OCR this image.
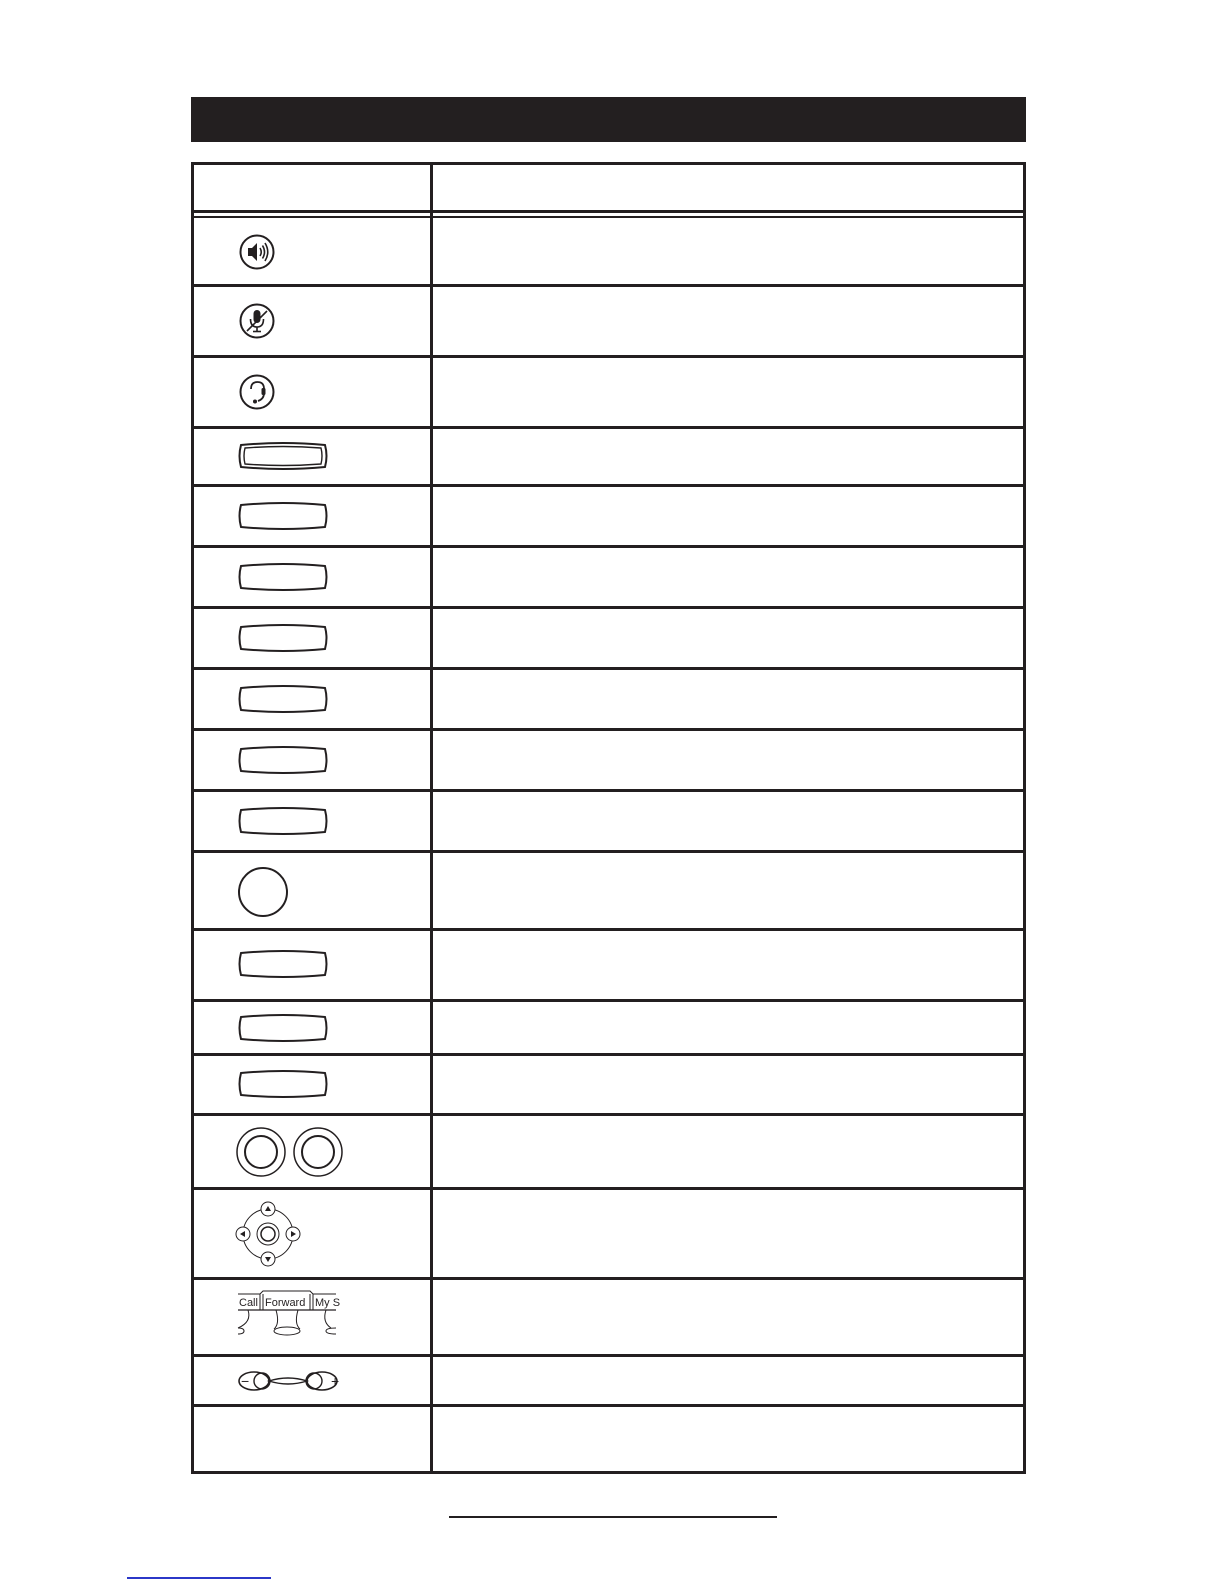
Call Forward My S
−	+
